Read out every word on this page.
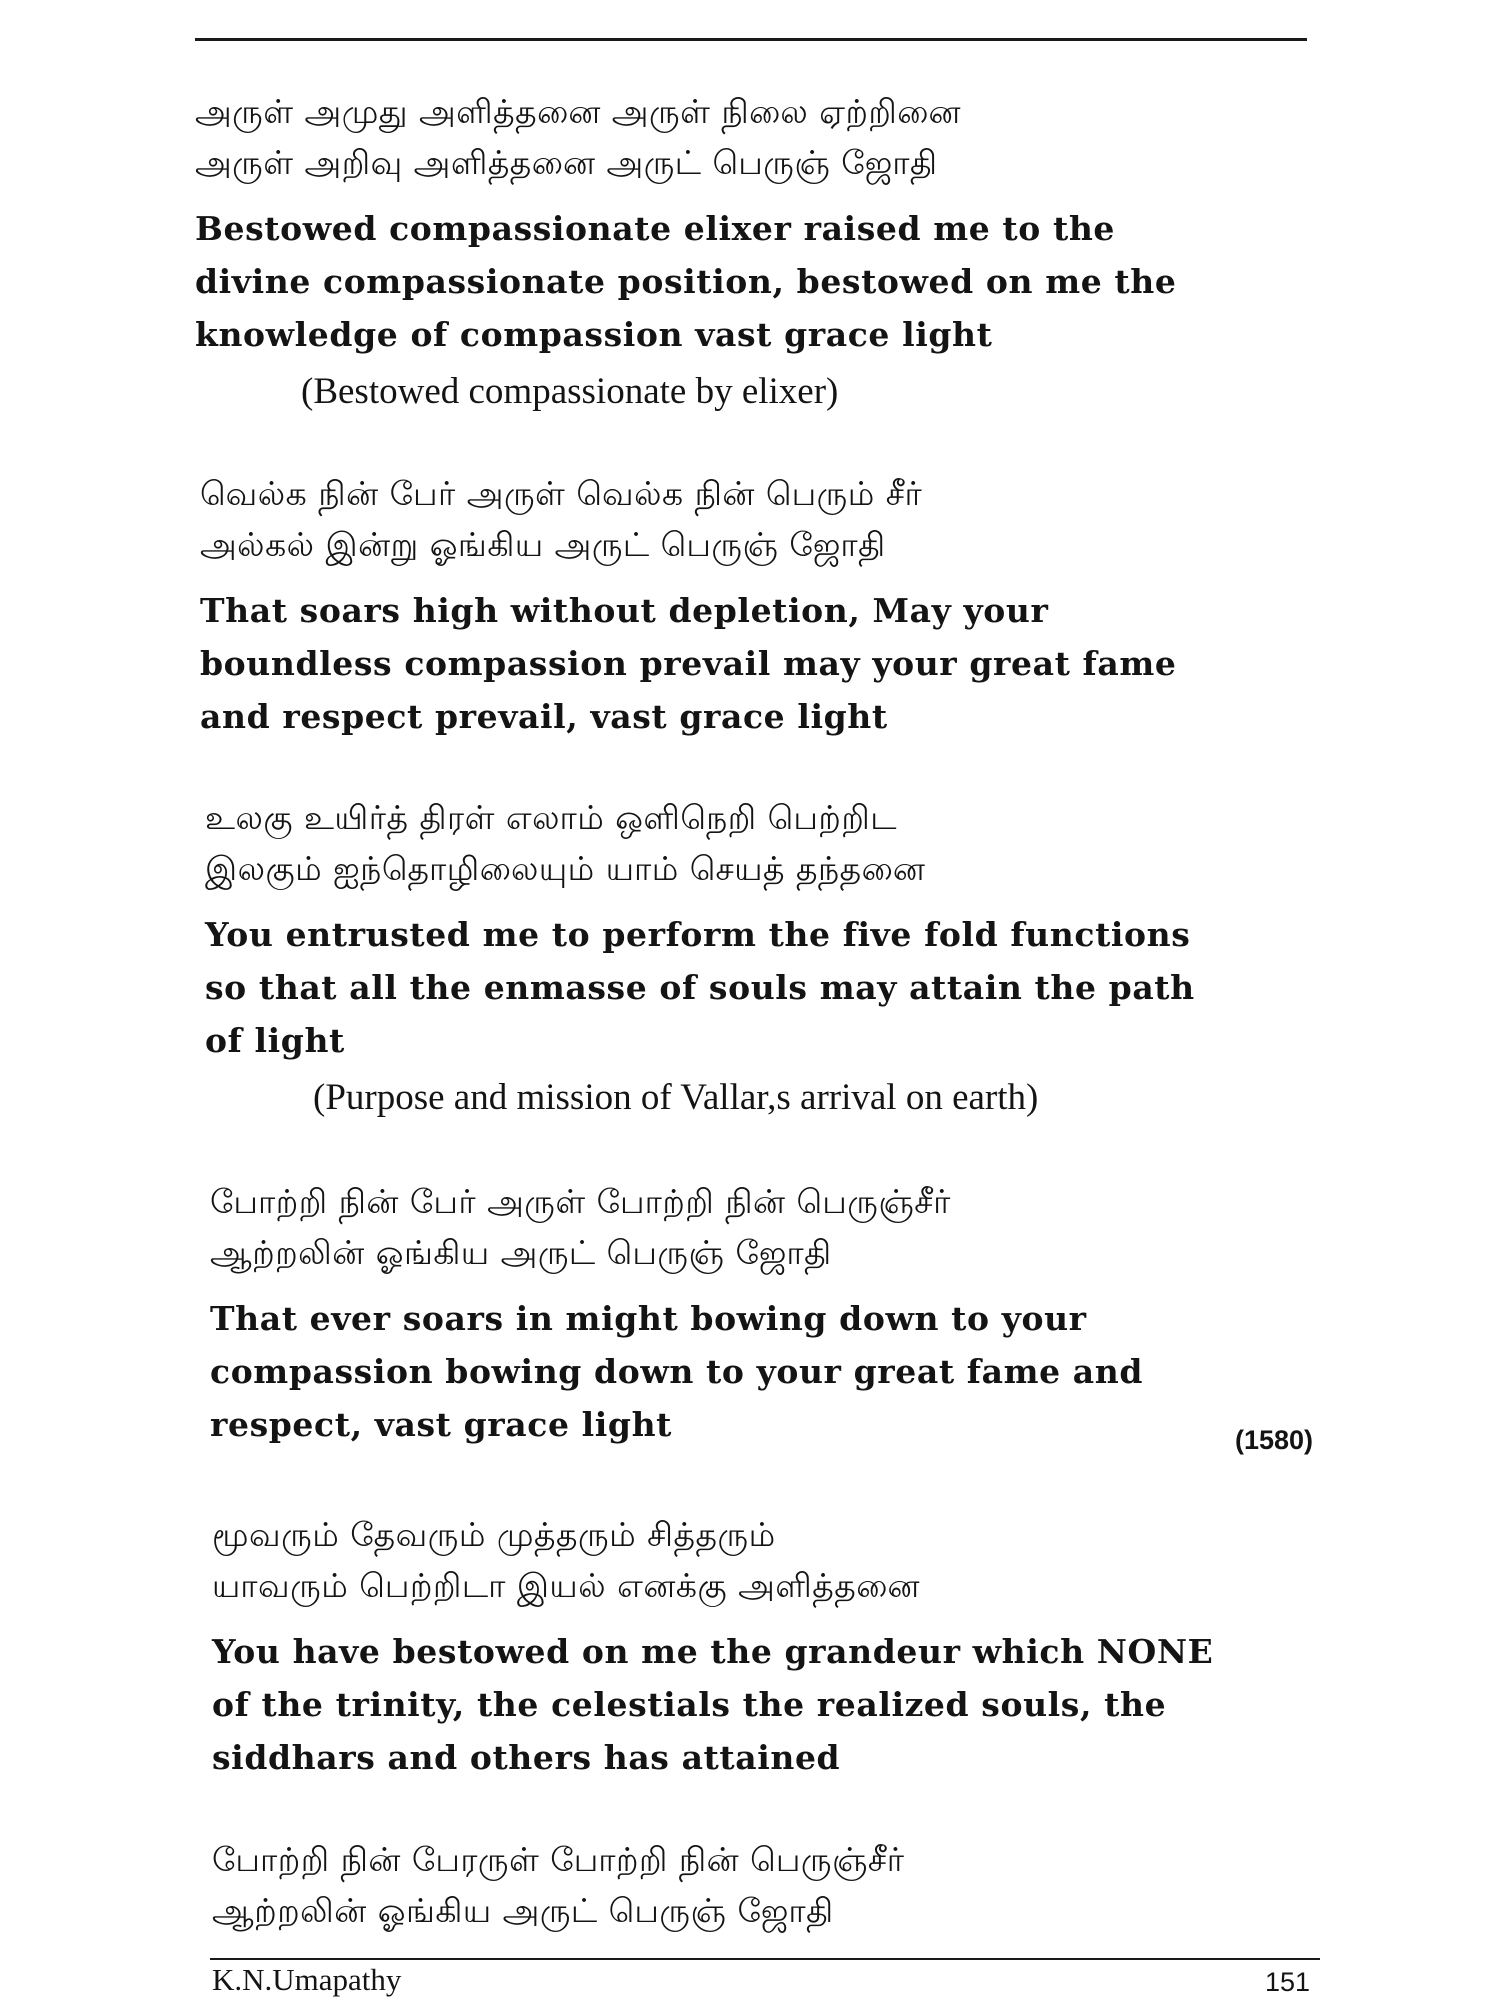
அருள் அமுது அளித்தனை அருள் நிலை ஏற்றினை
அருள் அறிவு அளித்தனை அருட் பெருஞ் ஜோதி
Bestowed compassionate elixer raised me to the
divine compassionate position, bestowed on me the
knowledge of compassion vast grace light
(Bestowed compassionate by elixer)
வெல்க நின் பேர் அருள் வெல்க நின் பெரும் சீர்
அல்கல் இன்று ஓங்கிய அருட் பெருஞ் ஜோதி
That soars high without depletion, May your
boundless compassion prevail may your great fame
and respect prevail, vast grace light
உலகு உயிர்த் திரள் எலாம் ஒளிநெறி பெற்றிட
இலகும் ஐந்தொழிலையும் யாம் செயத் தந்தனை
You entrusted me to perform the five fold functions
so that all the enmasse of souls may attain the path
of light
(Purpose and mission of Vallar,s arrival on earth)
போற்றி நின் பேர் அருள் போற்றி நின் பெருஞ்சீர்
ஆற்றலின் ஓங்கிய அருட் பெருஞ் ஜோதி
That ever soars in might bowing down to your
compassion bowing down to your great fame and
respect, vast grace light	(1580)
மூவரும் தேவரும் முத்தரும் சித்தரும்
யாவரும் பெற்றிடா இயல் எனக்கு அளித்தனை
You have bestowed on me the grandeur which NONE
of the trinity, the celestials the realized souls, the
siddhars and others has attained
போற்றி நின் பேரருள் போற்றி நின் பெருஞ்சீர்
ஆற்றலின் ஓங்கிய அருட் பெருஞ் ஜோதி
K.N.Umapathy	151
